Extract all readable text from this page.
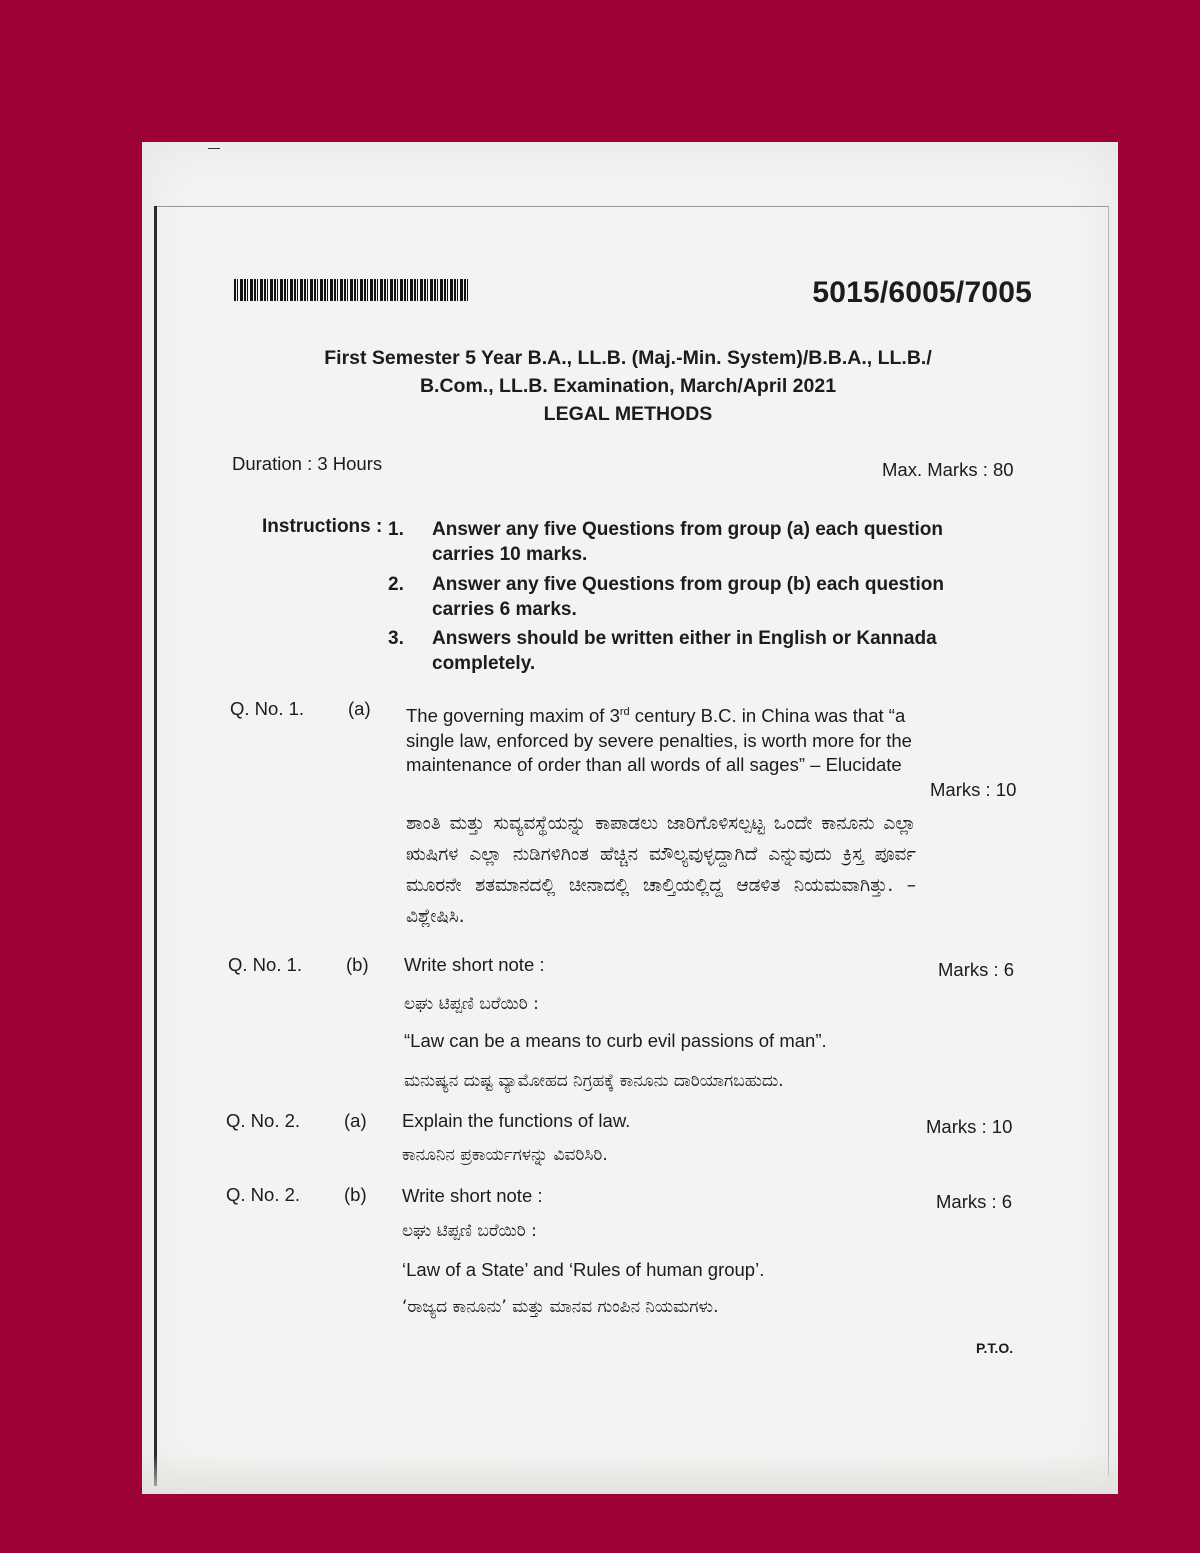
5015/6005/7005
First Semester 5 Year B.A., LL.B. (Maj.-Min. System)/B.B.A., LL.B./
B.Com., LL.B. Examination, March/April 2021
LEGAL METHODS
Duration : 3 Hours	Max. Marks : 80
Instructions : 1. Answer any five Questions from group (a) each question carries 10 marks.
2. Answer any five Questions from group (b) each question carries 6 marks.
3. Answers should be written either in English or Kannada completely.
Q. No. 1. (a) The governing maxim of 3rd century B.C. in China was that “a single law, enforced by severe penalties, is worth more for the maintenance of order than all words of all sages” – Elucidate
Marks : 10
ಶಾಂತಿ ಮತ್ತು ಸುವ್ಯವಸ್ಥೆಯನ್ನು ಕಾಪಾಡಲು ಜಾರಿಗೊಳಿಸಲ್ಪಟ್ಟ ಒಂದೇ ಕಾನೂನು ಎಲ್ಲಾ ಋಷಿಗಳ ಎಲ್ಲಾ ನುಡಿಗಳಿಗಿಂತ ಹೆಚ್ಚಿನ ಮೌಲ್ಯವುಳ್ಳದ್ದಾಗಿದೆ ಎನ್ನುವುದು ಕ್ರಿಸ್ತ ಪೂರ್ವ ಮೂರನೇ ಶತಮಾನದಲ್ಲಿ ಚೀನಾದಲ್ಲಿ ಚಾಲ್ತಿಯಲ್ಲಿದ್ದ ಆಡಳಿತ ನಿಯಮವಾಗಿತ್ತು. – ವಿಶ್ಲೇಷಿಸಿ.
Q. No. 1. (b) Write short note :	Marks : 6
ಲಘು ಟಿಪ್ಪಣಿ ಬರೆಯಿರಿ :
“Law can be a means to curb evil passions of man”.
ಮನುಷ್ಯನ ದುಷ್ಟ ವ್ಯಾಮೋಹದ ನಿಗ್ರಹಕ್ಕೆ ಕಾನೂನು ದಾರಿಯಾಗಬಹುದು.
Q. No. 2. (a) Explain the functions of law.	Marks : 10
ಕಾನೂನಿನ ಪ್ರಕಾರ್ಯಗಳನ್ನು ವಿವರಿಸಿರಿ.
Q. No. 2. (b) Write short note :	Marks : 6
ಲಘು ಟಿಪ್ಪಣಿ ಬರೆಯಿರಿ :
‘Law of a State’ and ‘Rules of human group’.
‘ರಾಜ್ಯದ ಕಾನೂನು’ ಮತ್ತು ಮಾನವ ಗುಂಪಿನ ನಿಯಮಗಳು.
P.T.O.
